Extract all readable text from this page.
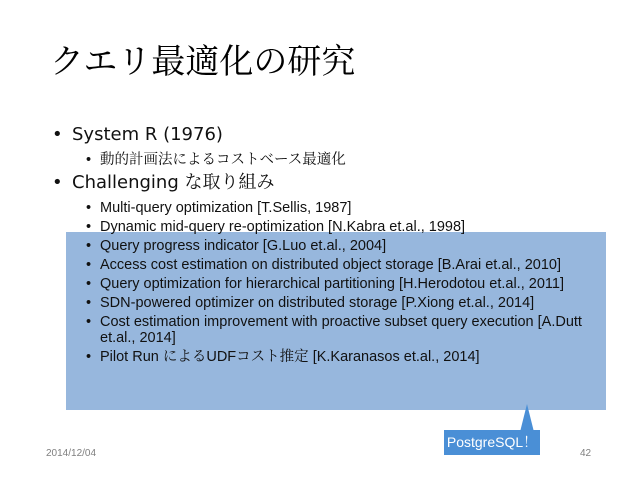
クエリ最適化の研究
• System R (1976)
• 動的計画法によるコストベース最適化
• Challenging な取り組み
• Multi-query optimization [T.Sellis, 1987]
• Dynamic mid-query re-optimization [N.Kabra et.al., 1998]
• Query progress indicator [G.Luo et.al., 2004]
• Access cost estimation on distributed object storage [B.Arai et.al., 2010]
• Query optimization for hierarchical partitioning [H.Herodotou et.al., 2011]
• SDN-powered optimizer on distributed storage [P.Xiong et.al., 2014]
• Cost estimation improvement with proactive subset query execution [A.Dutt et.al., 2014]
• Pilot Run によるUDFコスト推定 [K.Karanasos et.al., 2014]
PostgreSQL！
2014/12/04	42
